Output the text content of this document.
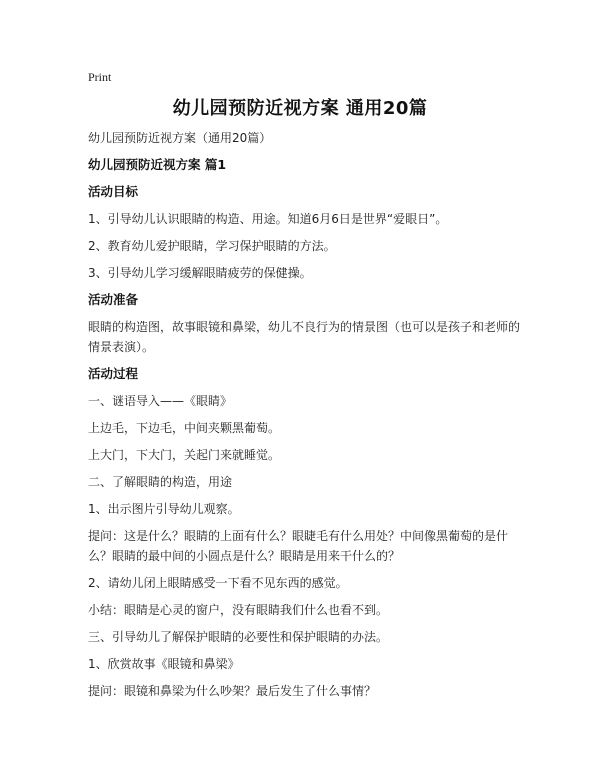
Print
幼儿园预防近视方案 通用20篇

幼儿园预防近视方案（通用20篇）

幼儿园预防近视方案 篇1

活动目标

1、引导幼儿认识眼睛的构造、用途。知道6月6日是世界“爱眼日”。

2、教育幼儿爱护眼睛，学习保护眼睛的方法。

3、引导幼儿学习缓解眼睛疲劳的保健操。

活动准备

眼睛的构造图，故事眼镜和鼻梁，幼儿不良行为的情景图（也可以是孩子和老师的情景表演）。

活动过程

一、谜语导入——《眼睛》

上边毛，下边毛，中间夹颗黑葡萄。

上大门，下大门，关起门来就睡觉。

二、了解眼睛的构造，用途

1、出示图片引导幼儿观察。

提问：这是什么？眼睛的上面有什么？眼睫毛有什么用处？中间像黑葡萄的是什么？眼睛的最中间的小圆点是什么？眼睛是用来干什么的？

2、请幼儿闭上眼睛感受一下看不见东西的感觉。

小结：眼睛是心灵的窗户，没有眼睛我们什么也看不到。

三、引导幼儿了解保护眼睛的必要性和保护眼睛的办法。

1、欣赏故事《眼镜和鼻梁》

提问：眼镜和鼻梁为什么吵架？最后发生了什么事情？
